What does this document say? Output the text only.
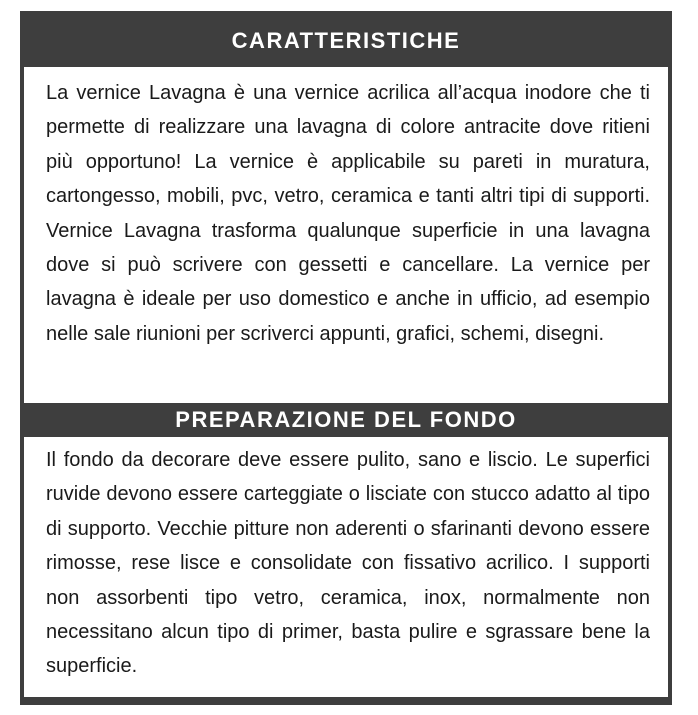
CARATTERISTICHE
La vernice Lavagna è una vernice acrilica all’acqua inodore che ti permette di realizzare una lavagna di colore antracite dove ritieni più opportuno! La vernice è applicabile su pareti in muratura, cartongesso, mobili, pvc, vetro, ceramica e tanti altri tipi di supporti. Vernice Lavagna trasforma qualunque superficie in una lavagna dove si può scrivere con gessetti e cancellare. La vernice per lavagna è ideale per uso domestico e anche in ufficio, ad esempio nelle sale riunioni per scriverci appunti, grafici, schemi, disegni.
PREPARAZIONE DEL FONDO
Il fondo da decorare deve essere pulito, sano e liscio. Le superfici ruvide devono essere carteggiate o lisciate con stucco adatto al tipo di supporto. Vecchie pitture non aderenti o sfarinanti devono essere rimosse, rese lisce e consolidate con fissativo acrilico. I supporti non assorbenti tipo vetro, ceramica, inox, normalmente non necessitano alcun tipo di primer, basta pulire e sgrassare bene la superficie.
